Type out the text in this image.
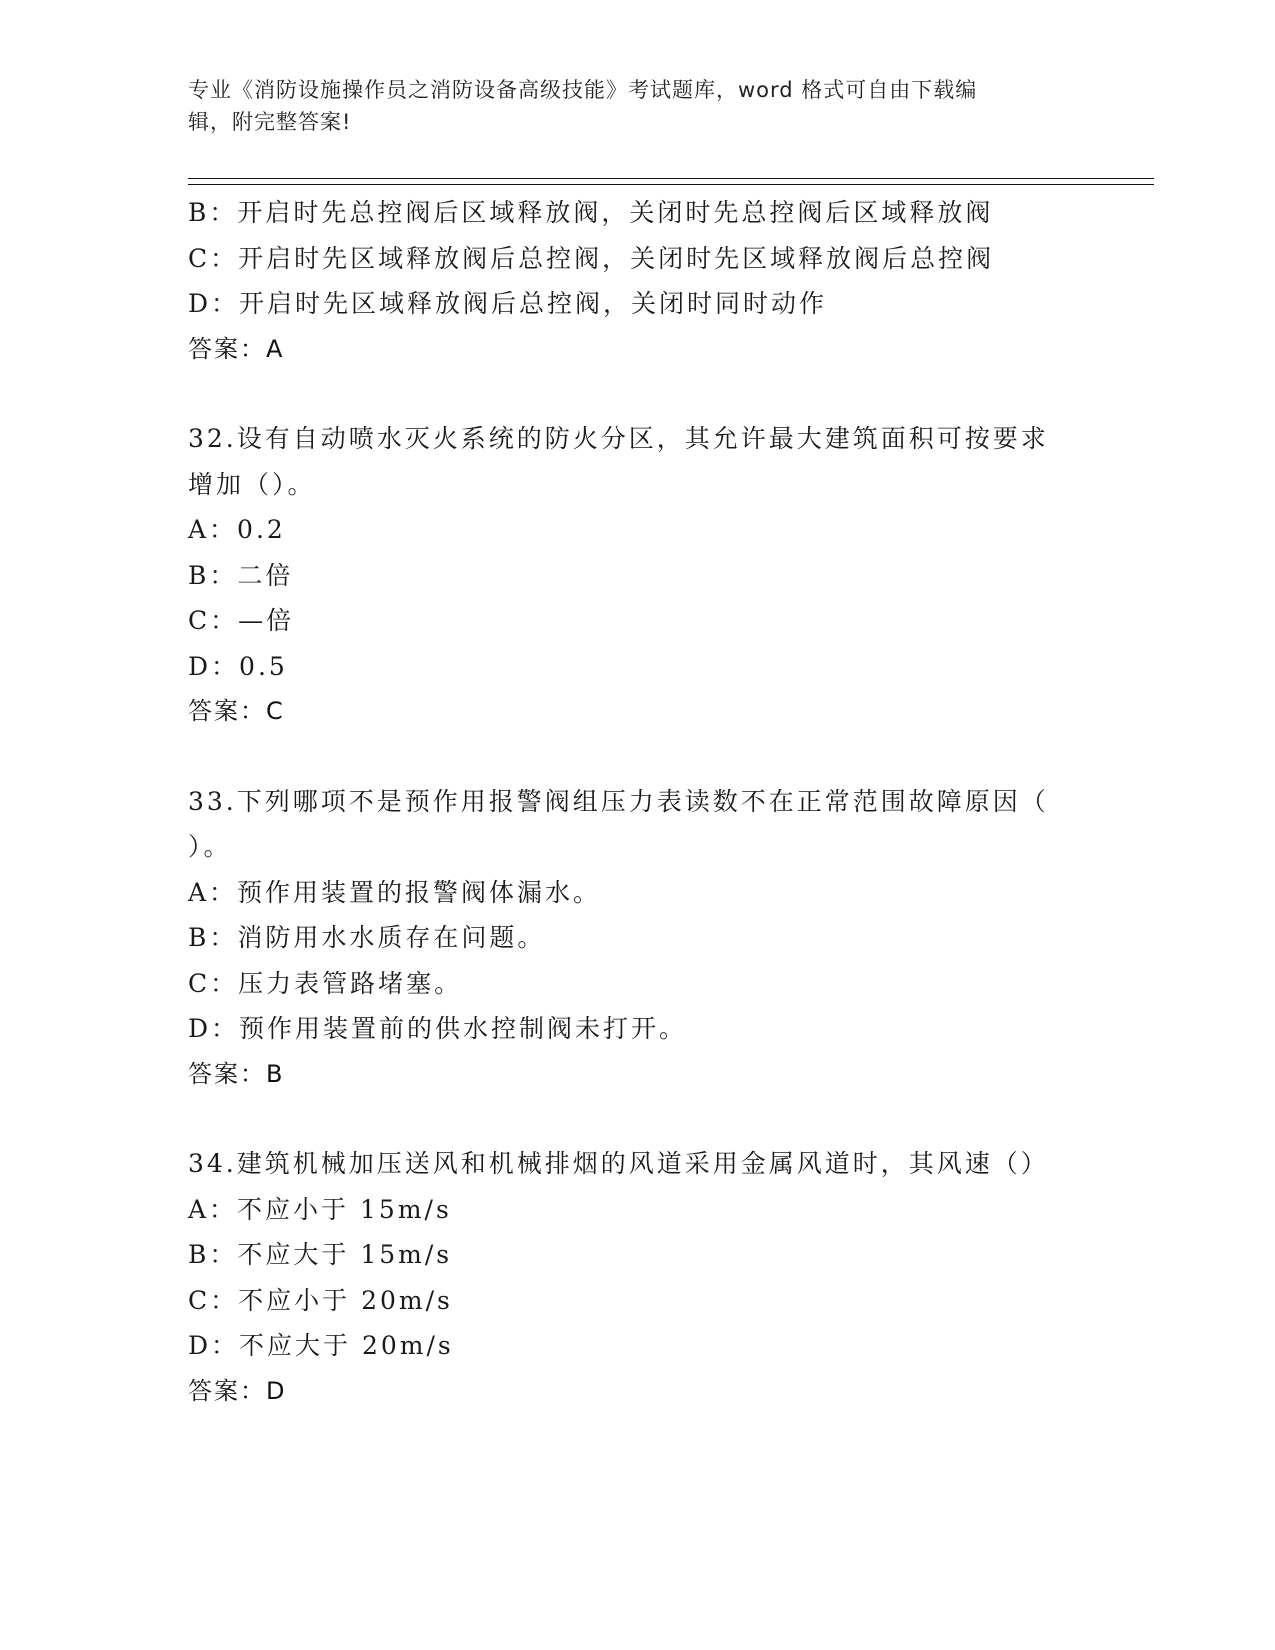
专业《消防设施操作员之消防设备高级技能》考试题库，word 格式可自由下载编
辑，附完整答案!
B：开启时先总控阀后区域释放阀，关闭时先总控阀后区域释放阀
C：开启时先区域释放阀后总控阀，关闭时先区域释放阀后总控阀
D：开启时先区域释放阀后总控阀，关闭时同时动作
答案：A
32.设有自动喷水灭火系统的防火分区，其允许最大建筑面积可按要求
增加（）。
A：0.2
B：二倍
C：—倍
D：0.5
答案：C
33.下列哪项不是预作用报警阀组压力表读数不在正常范围故障原因（
）。
A：预作用装置的报警阀体漏水。
B：消防用水水质存在问题。
C：压力表管路堵塞。
D：预作用装置前的供水控制阀未打开。
答案：B
34.建筑机械加压送风和机械排烟的风道采用金属风道时，其风速（）
A：不应小于 15m/s
B：不应大于 15m/s
C：不应小于 20m/s
D：不应大于 20m/s
答案：D
